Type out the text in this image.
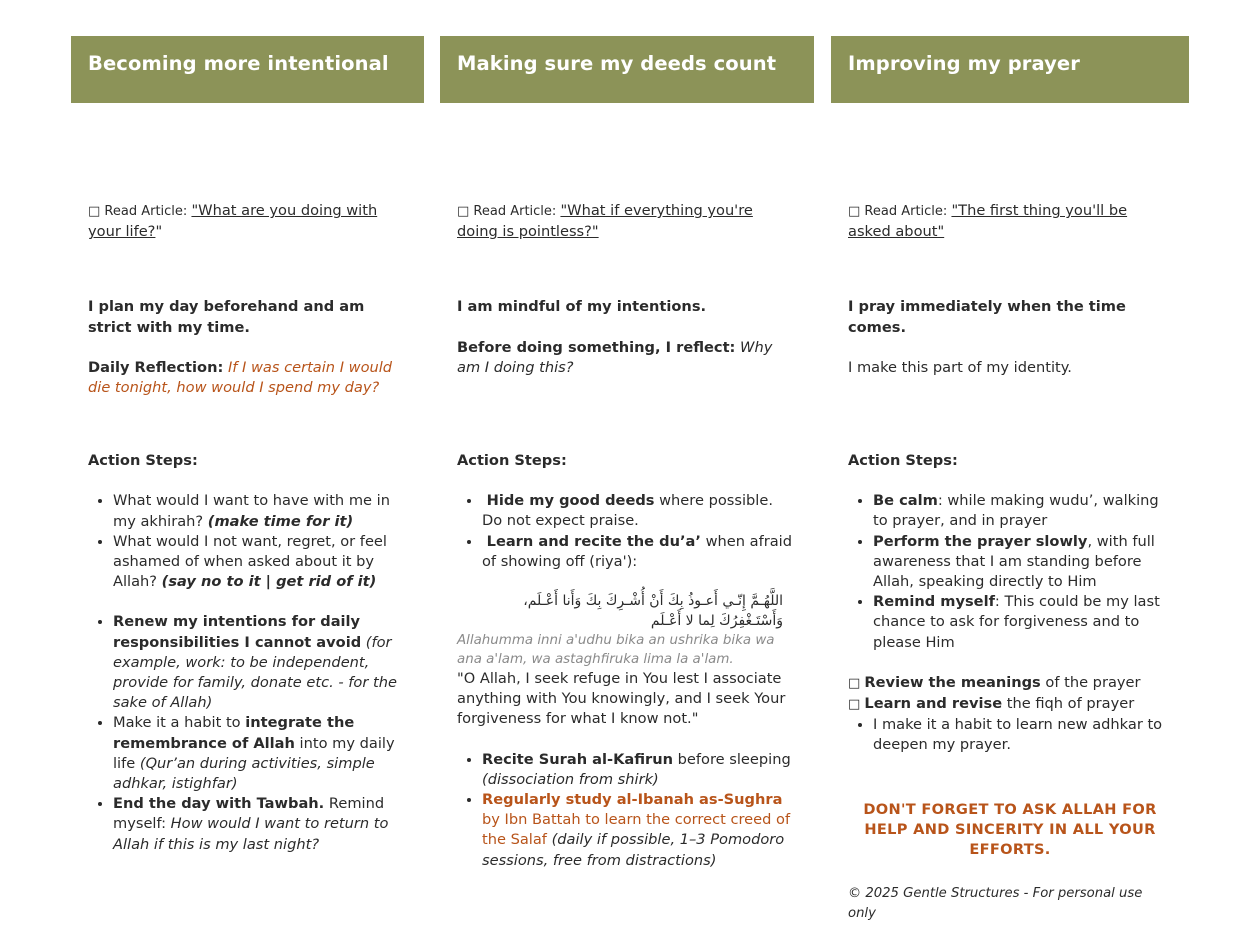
Becoming more intentional
□ Read Article: "What are you doing with your life?"

I plan my day beforehand and am strict with my time.

Daily Reflection: If I was certain I would die tonight, how would I spend my day?

Action Steps:

• What would I want to have with me in my akhirah? (make time for it)
• What would I not want, regret, or feel ashamed of when asked about it by Allah? (say no to it | get rid of it)
• Renew my intentions for daily responsibilities I cannot avoid (for example, work: to be independent, provide for family, donate etc. - for the sake of Allah)
• Make it a habit to integrate the remembrance of Allah into my daily life (Qur’an during activities, simple adhkar, istighfar)
• End the day with Tawbah. Remind myself: How would I want to return to Allah if this is my last night?
Making sure my deeds count
□ Read Article: "What if everything you're doing is pointless?"

I am mindful of my intentions.

Before doing something, I reflect: Why am I doing this?

Action Steps:

• Hide my good deeds where possible. Do not expect praise.
• Learn and recite the du’a’ when afraid of showing off (riya'):
اللَّهُـمَّ إِنّـي أَعـوذُ بِكَ أَنْ أُشْـرِكَ بِكَ وَأَنا أَعْـلَم، وَأَسْتَـغْفِرُكَ لِما لا أَعْـلَم
Allahumma inni a'udhu bika an ushrika bika wa ana a'lam, wa astaghfiruka lima la a'lam.
"O Allah, I seek refuge in You lest I associate anything with You knowingly, and I seek Your forgiveness for what I know not."
• Recite Surah al-Kafirun before sleeping (dissociation from shirk)
• Regularly study al-Ibanah as-Sughra by Ibn Battah to learn the correct creed of the Salaf (daily if possible, 1–3 Pomodoro sessions, free from distractions)
Improving my prayer
□ Read Article: "The first thing you'll be asked about"

I pray immediately when the time comes.

I make this part of my identity.

Action Steps:

• Be calm: while making wudu’, walking to prayer, and in prayer
• Perform the prayer slowly, with full awareness that I am standing before Allah, speaking directly to Him
• Remind myself: This could be my last chance to ask for forgiveness and to please Him
□ Review the meanings of the prayer
□ Learn and revise the fiqh of prayer
• I make it a habit to learn new adhkar to deepen my prayer.
DON'T FORGET TO ASK ALLAH FOR HELP AND SINCERITY IN ALL YOUR EFFORTS.
© 2025 Gentle Structures - For personal use only
